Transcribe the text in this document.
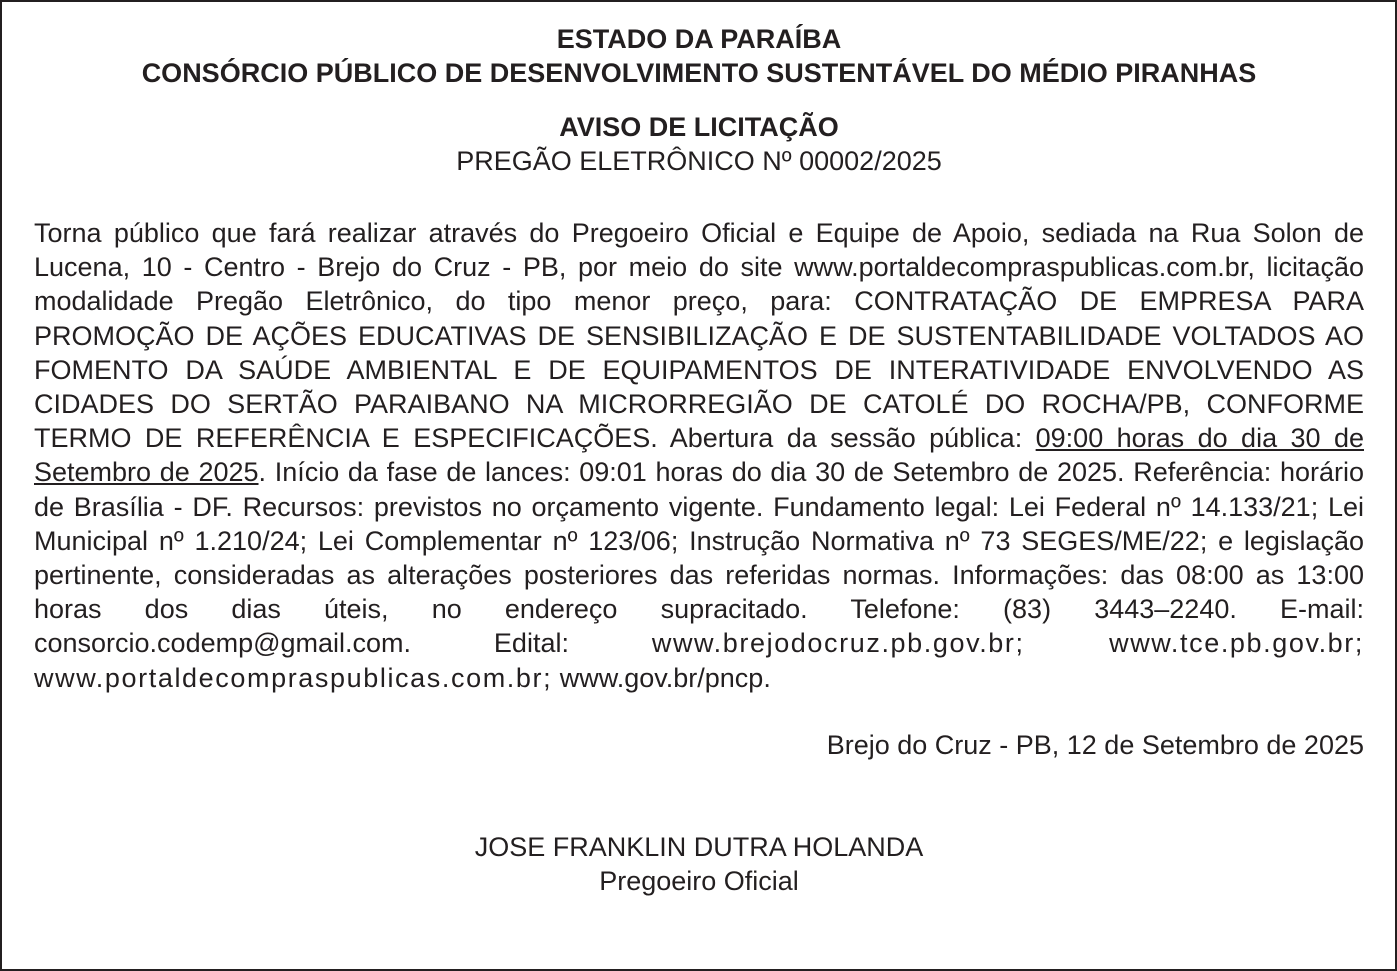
ESTADO DA PARAÍBA
CONSÓRCIO PÚBLICO DE DESENVOLVIMENTO SUSTENTÁVEL DO MÉDIO PIRANHAS
AVISO DE LICITAÇÃO
PREGÃO ELETRÔNICO Nº 00002/2025
Torna público que fará realizar através do Pregoeiro Oficial e Equipe de Apoio, sediada na Rua Solon de Lucena, 10 - Centro - Brejo do Cruz - PB, por meio do site www.portaldecompraspublicas.com.br, licitação modalidade Pregão Eletrônico, do tipo menor preço, para: CONTRATAÇÃO DE EMPRESA PARA PROMOÇÃO DE AÇÕES EDUCATIVAS DE SENSIBILIZAÇÃO E DE SUSTENTABILIDADE VOLTADOS AO FOMENTO DA SAÚDE AMBIENTAL E DE EQUIPAMENTOS DE INTERATIVIDADE ENVOLVENDO AS CIDADES DO SERTÃO PARAIBANO NA MICRORREGIÃO DE CATOLÉ DO ROCHA/PB, CONFORME TERMO DE REFERÊNCIA E ESPECIFICAÇÕES. Abertura da sessão pública: 09:00 horas do dia 30 de Setembro de 2025. Início da fase de lances: 09:01 horas do dia 30 de Setembro de 2025. Referência: horário de Brasília - DF. Recursos: previstos no orçamento vigente. Fundamento legal: Lei Federal nº 14.133/21; Lei Municipal nº 1.210/24; Lei Complementar nº 123/06; Instrução Normativa nº 73 SEGES/ME/22; e legislação pertinente, consideradas as alterações posteriores das referidas normas. Informações: das 08:00 as 13:00 horas dos dias úteis, no endereço supracitado. Telefone: (83) 3443–2240. E-mail: consorcio.codemp@gmail.com. Edital: www.brejodocruz.pb.gov.br; www.tce.pb.gov.br; www.portaldecompraspublicas.com.br; www.gov.br/pncp.
Brejo do Cruz - PB, 12 de Setembro de 2025
JOSE FRANKLIN DUTRA HOLANDA
Pregoeiro Oficial
